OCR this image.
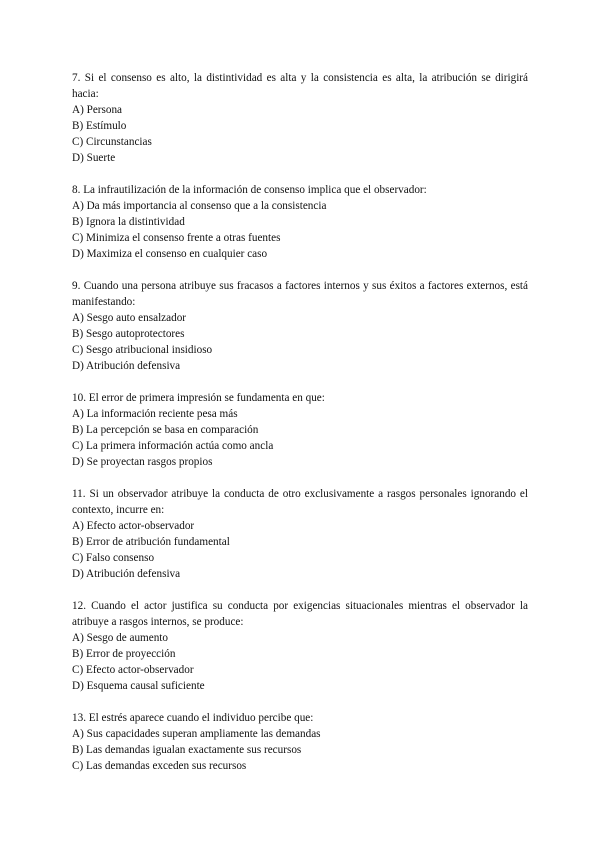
7. Si el consenso es alto, la distintividad es alta y la consistencia es alta, la atribución se dirigirá hacia:

A) Persona

B) Estímulo

C) Circunstancias

D) Suerte

8. La infrautilización de la información de consenso implica que el observador:

A) Da más importancia al consenso que a la consistencia

B) Ignora la distintividad

C) Minimiza el consenso frente a otras fuentes

D) Maximiza el consenso en cualquier caso

9. Cuando una persona atribuye sus fracasos a factores internos y sus éxitos a factores externos, está manifestando:

A) Sesgo auto ensalzador

B) Sesgo autoprotectores

C) Sesgo atribucional insidioso

D) Atribución defensiva

10. El error de primera impresión se fundamenta en que:

A) La información reciente pesa más

B) La percepción se basa en comparación

C) La primera información actúa como ancla

D) Se proyectan rasgos propios

11. Si un observador atribuye la conducta de otro exclusivamente a rasgos personales ignorando el contexto, incurre en:

A) Efecto actor-observador

B) Error de atribución fundamental

C) Falso consenso

D) Atribución defensiva

12. Cuando el actor justifica su conducta por exigencias situacionales mientras el observador la atribuye a rasgos internos, se produce:

A) Sesgo de aumento

B) Error de proyección

C) Efecto actor-observador

D) Esquema causal suficiente

13. El estrés aparece cuando el individuo percibe que:

A) Sus capacidades superan ampliamente las demandas

B) Las demandas igualan exactamente sus recursos

C) Las demandas exceden sus recursos
